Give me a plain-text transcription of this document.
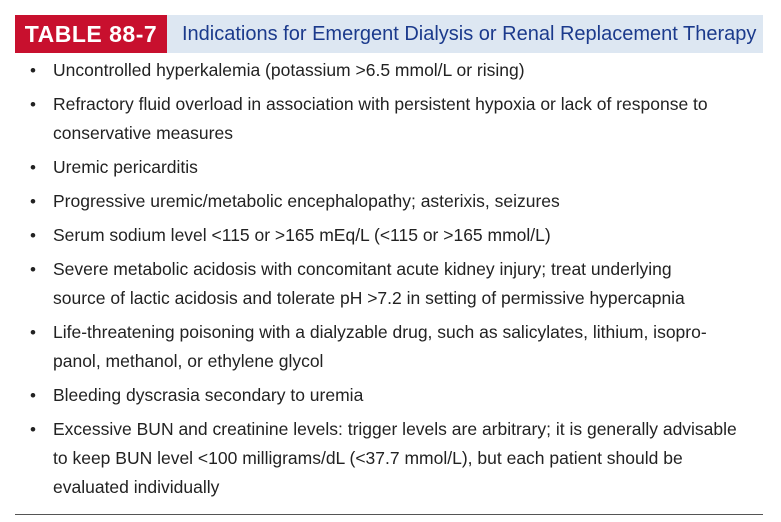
TABLE 88-7	Indications for Emergent Dialysis or Renal Replacement Therapy
• Uncontrolled hyperkalemia (potassium >6.5 mmol/L or rising)
• Refractory fluid overload in association with persistent hypoxia or lack of response to
conservative measures
• Uremic pericarditis
• Progressive uremic/metabolic encephalopathy; asterixis, seizures
• Serum sodium level <115 or >165 mEq/L (<115 or >165 mmol/L)
• Severe metabolic acidosis with concomitant acute kidney injury; treat underlying
source of lactic acidosis and tolerate pH >7.2 in setting of permissive hypercapnia
• Life-threatening poisoning with a dialyzable drug, such as salicylates, lithium, isopro-
panol, methanol, or ethylene glycol
• Bleeding dyscrasia secondary to uremia
• Excessive BUN and creatinine levels: trigger levels are arbitrary; it is generally advisable
to keep BUN level <100 milligrams/dL (<37.7 mmol/L), but each patient should be
evaluated individually
